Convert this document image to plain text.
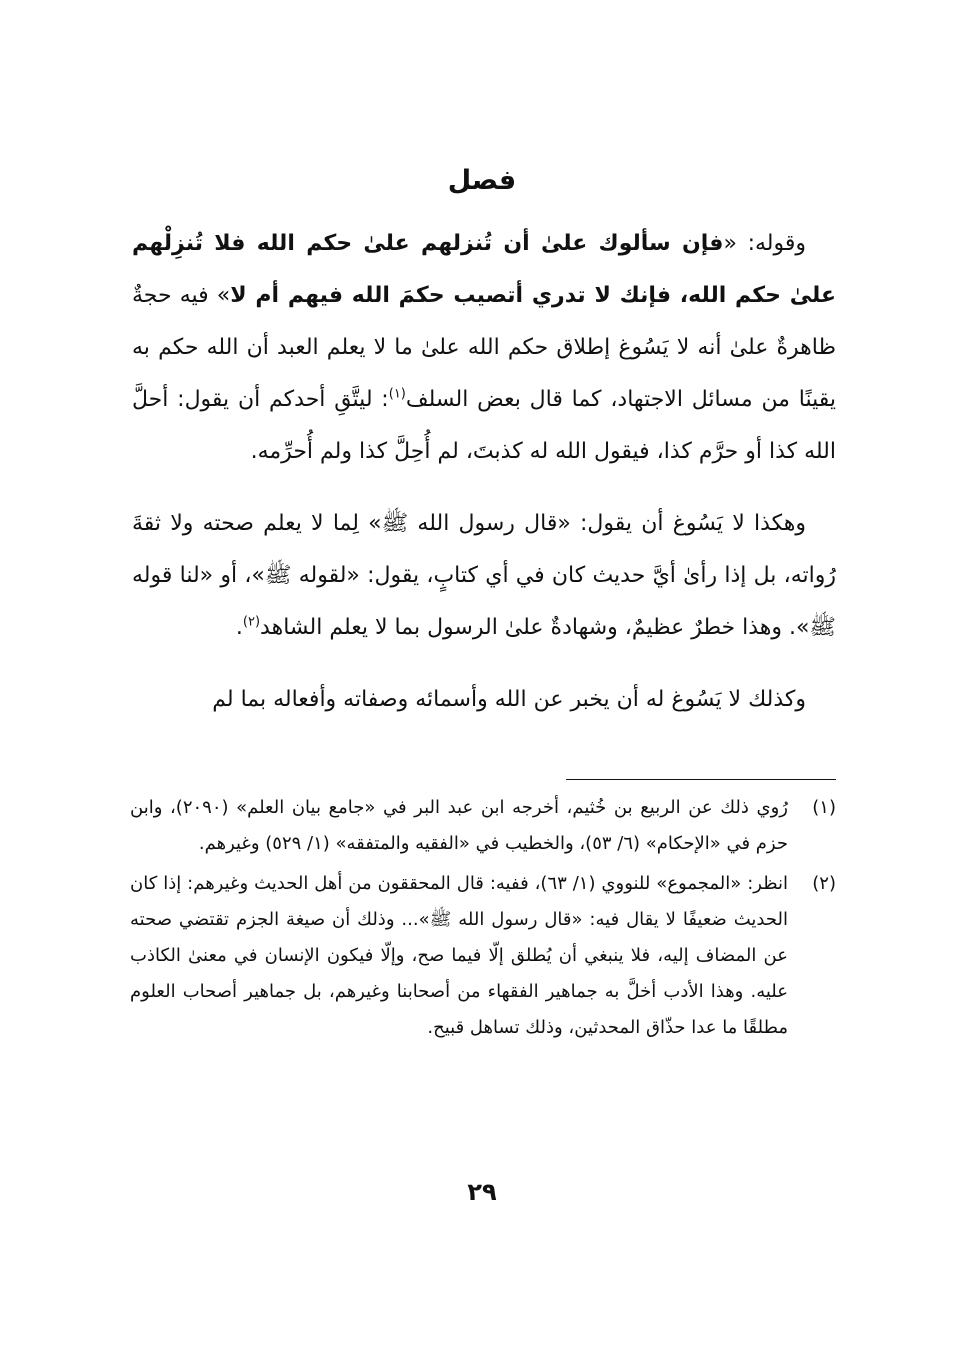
فصل

وقوله: «فإن سألوك علىٰ أن تُنزلهم علىٰ حكم الله فلا تُنزِلْهم علىٰ حكم الله، فإنك لا تدري أتصيب حكمَ الله فيهم أم لا» فيه حجةٌ ظاهرةٌ علىٰ أنه لا يَسُوغ إطلاق حكم الله علىٰ ما لا يعلم العبد أن الله حكم به يقينًا من مسائل الاجتهاد، كما قال بعض السلف$^{(١)}$: ليتَّقِ أحدكم أن يقول: أحلَّ الله كذا أو حرَّم كذا، فيقول الله له كذبتَ، لم أُحِلَّ كذا ولم أُحرِّمه.

وهكذا لا يَسُوغ أن يقول: «قال رسول الله ﷺ» لِما لا يعلم صحته ولا ثقةَ رُواته، بل إذا رأىٰ أيَّ حديث كان في أي كتابٍ، يقول: «لقوله ﷺ»، أو «لنا قوله ﷺ». وهذا خطرٌ عظيمٌ، وشهادةٌ علىٰ الرسول بما لا يعلم الشاهد$^{(٢)}$.

وكذلك لا يَسُوغ له أن يخبر عن الله وأسمائه وصفاته وأفعاله بما لم

(١)
رُوي ذلك عن الربيع بن خُثيم، أخرجه ابن عبد البر في «جامع بيان العلم» (٢٠٩٠)، وابن حزم في «الإحكام» (٦/ ٥٣)، والخطيب في «الفقيه والمتفقه» (١/ ٥٢٩) وغيرهم.
(٢)
انظر: «المجموع» للنووي (١/ ٦٣)، ففيه: قال المحققون من أهل الحديث وغيرهم: إذا كان الحديث ضعيفًا لا يقال فيه: «قال رسول الله ﷺ»... وذلك أن صيغة الجزم تقتضي صحته عن المضاف إليه، فلا ينبغي أن يُطلق إلّا فيما صح، وإلّا فيكون الإنسان في معنىٰ الكاذب عليه. وهذا الأدب أخلَّ به جماهير الفقهاء من أصحابنا وغيرهم، بل جماهير أصحاب العلوم مطلقًا ما عدا حذّاق المحدثين، وذلك تساهل قبيح.
٢٩
